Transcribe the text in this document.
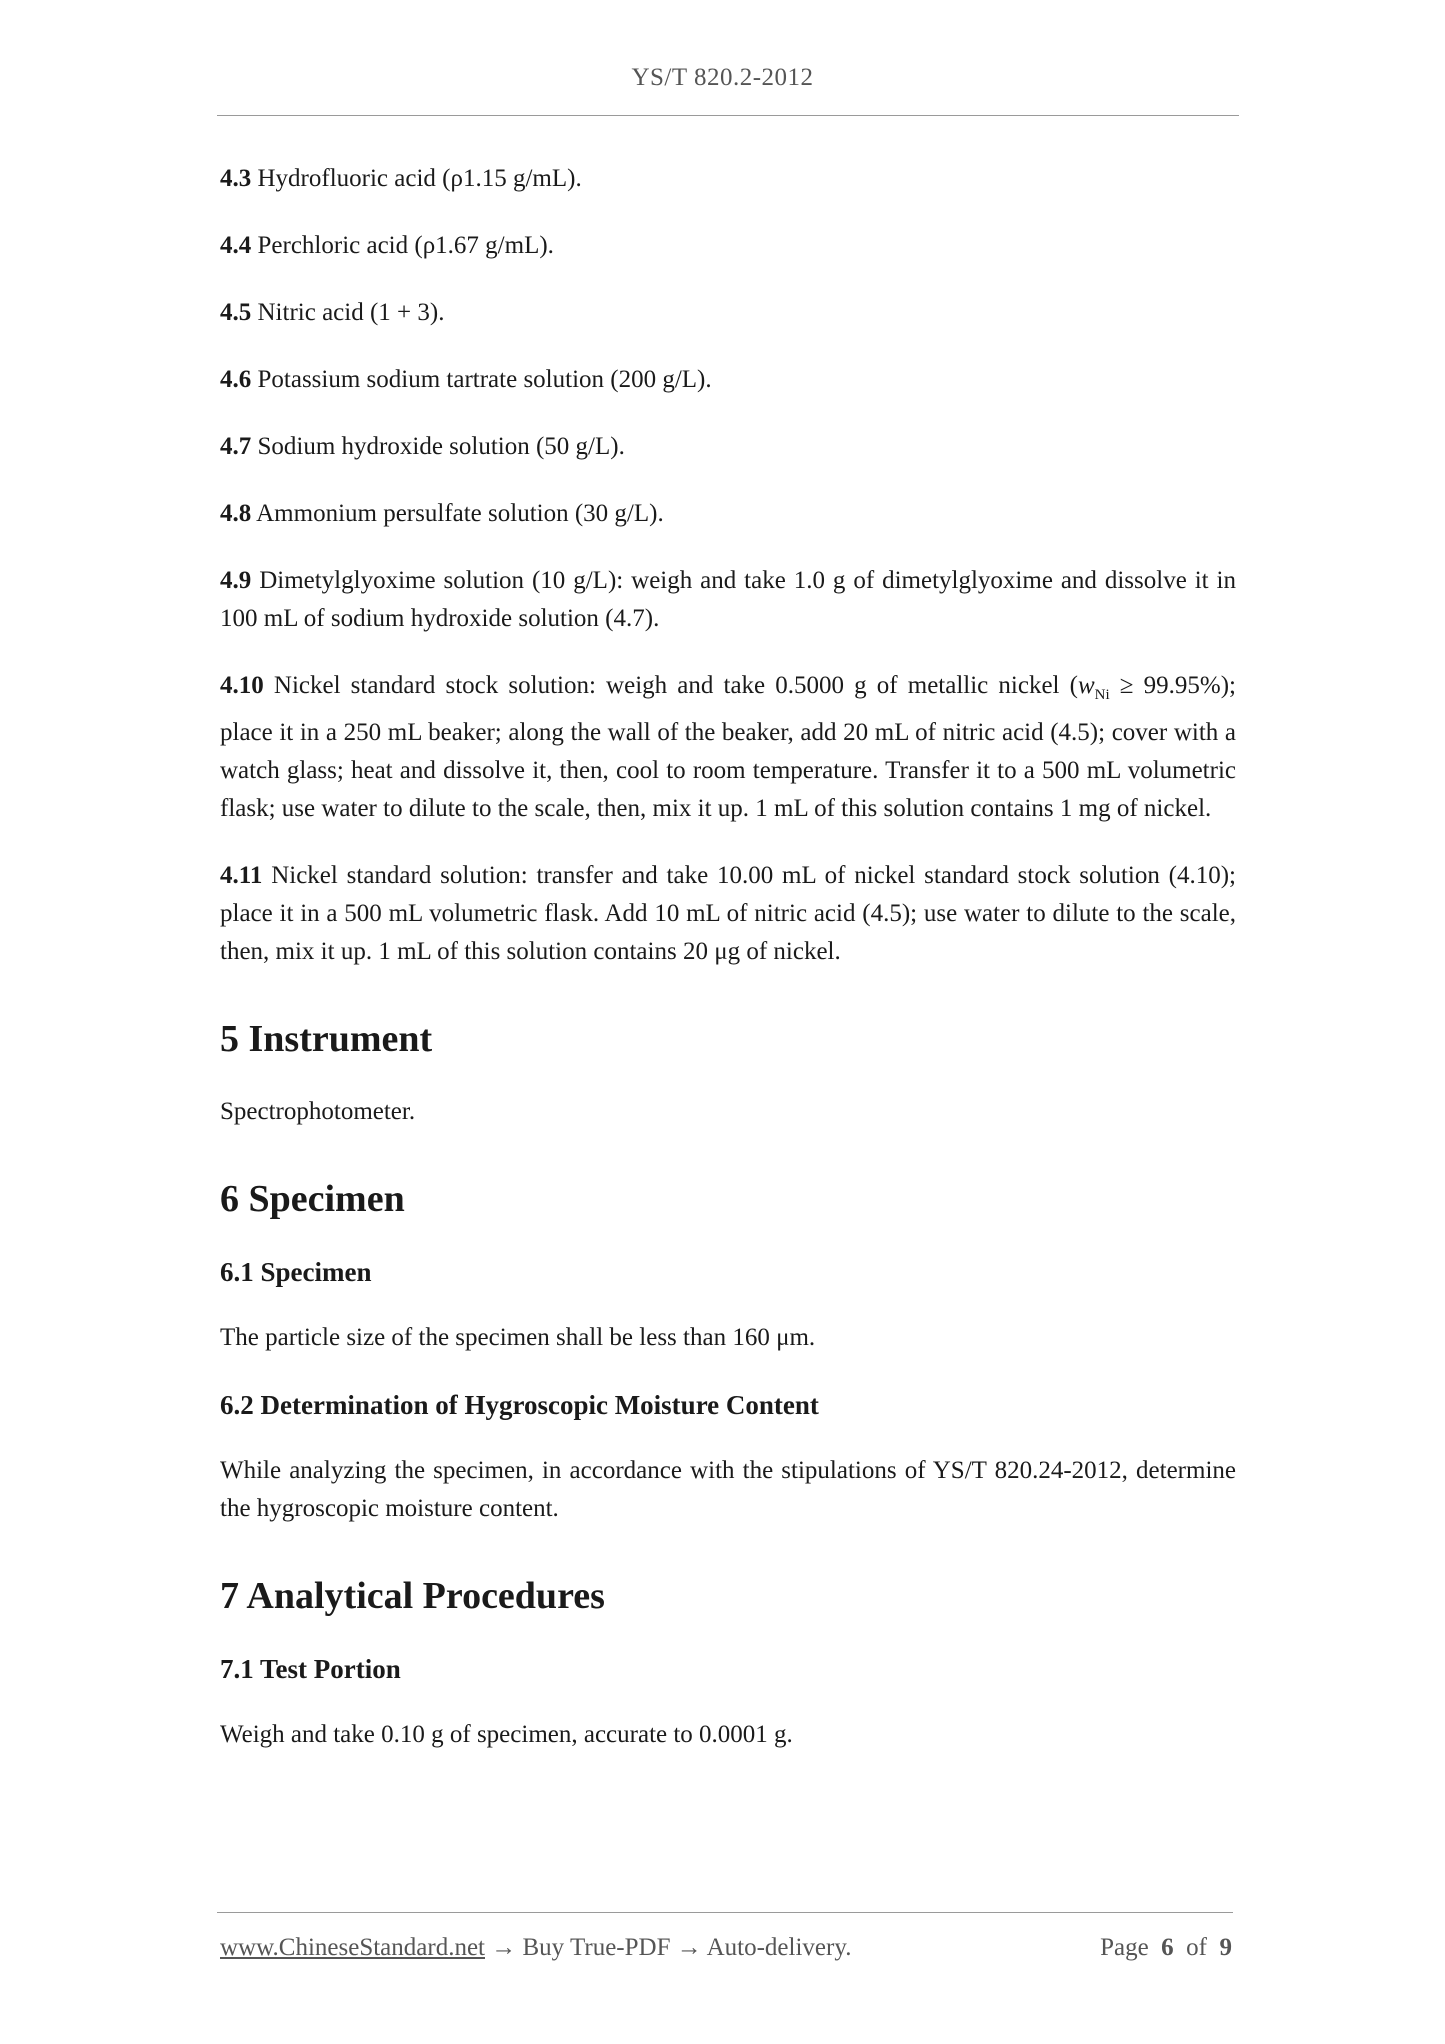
YS/T 820.2-2012

4.3 Hydrofluoric acid (ρ1.15 g/mL).

4.4 Perchloric acid (ρ1.67 g/mL).

4.5 Nitric acid (1 + 3).

4.6 Potassium sodium tartrate solution (200 g/L).

4.7 Sodium hydroxide solution (50 g/L).

4.8 Ammonium persulfate solution (30 g/L).

4.9 Dimetylglyoxime solution (10 g/L): weigh and take 1.0 g of dimetylglyoxime and dissolve it in 100 mL of sodium hydroxide solution (4.7).

4.10 Nickel standard stock solution: weigh and take 0.5000 g of metallic nickel $(w_{Ni} \ge 99.95\%)$; place it in a 250 mL beaker; along the wall of the beaker, add 20 mL of nitric acid (4.5); cover with a watch glass; heat and dissolve it, then, cool to room temperature. Transfer it to a 500 mL volumetric flask; use water to dilute to the scale, then, mix it up. 1 mL of this solution contains 1 mg of nickel.

4.11 Nickel standard solution: transfer and take 10.00 mL of nickel standard stock solution (4.10); place it in a 500 mL volumetric flask. Add 10 mL of nitric acid (4.5); use water to dilute to the scale, then, mix it up. 1 mL of this solution contains 20 μg of nickel.

5 Instrument

Spectrophotometer.

6 Specimen
6.1 Specimen

The particle size of the specimen shall be less than 160 μm.

6.2 Determination of Hygroscopic Moisture Content

While analyzing the specimen, in accordance with the stipulations of YS/T 820.24-2012, determine the hygroscopic moisture content.

7 Analytical Procedures
7.1 Test Portion

Weigh and take 0.10 g of specimen, accurate to 0.0001 g.

www.ChineseStandard.net → Buy True-PDF → Auto-delivery.	Page 6 of 9
